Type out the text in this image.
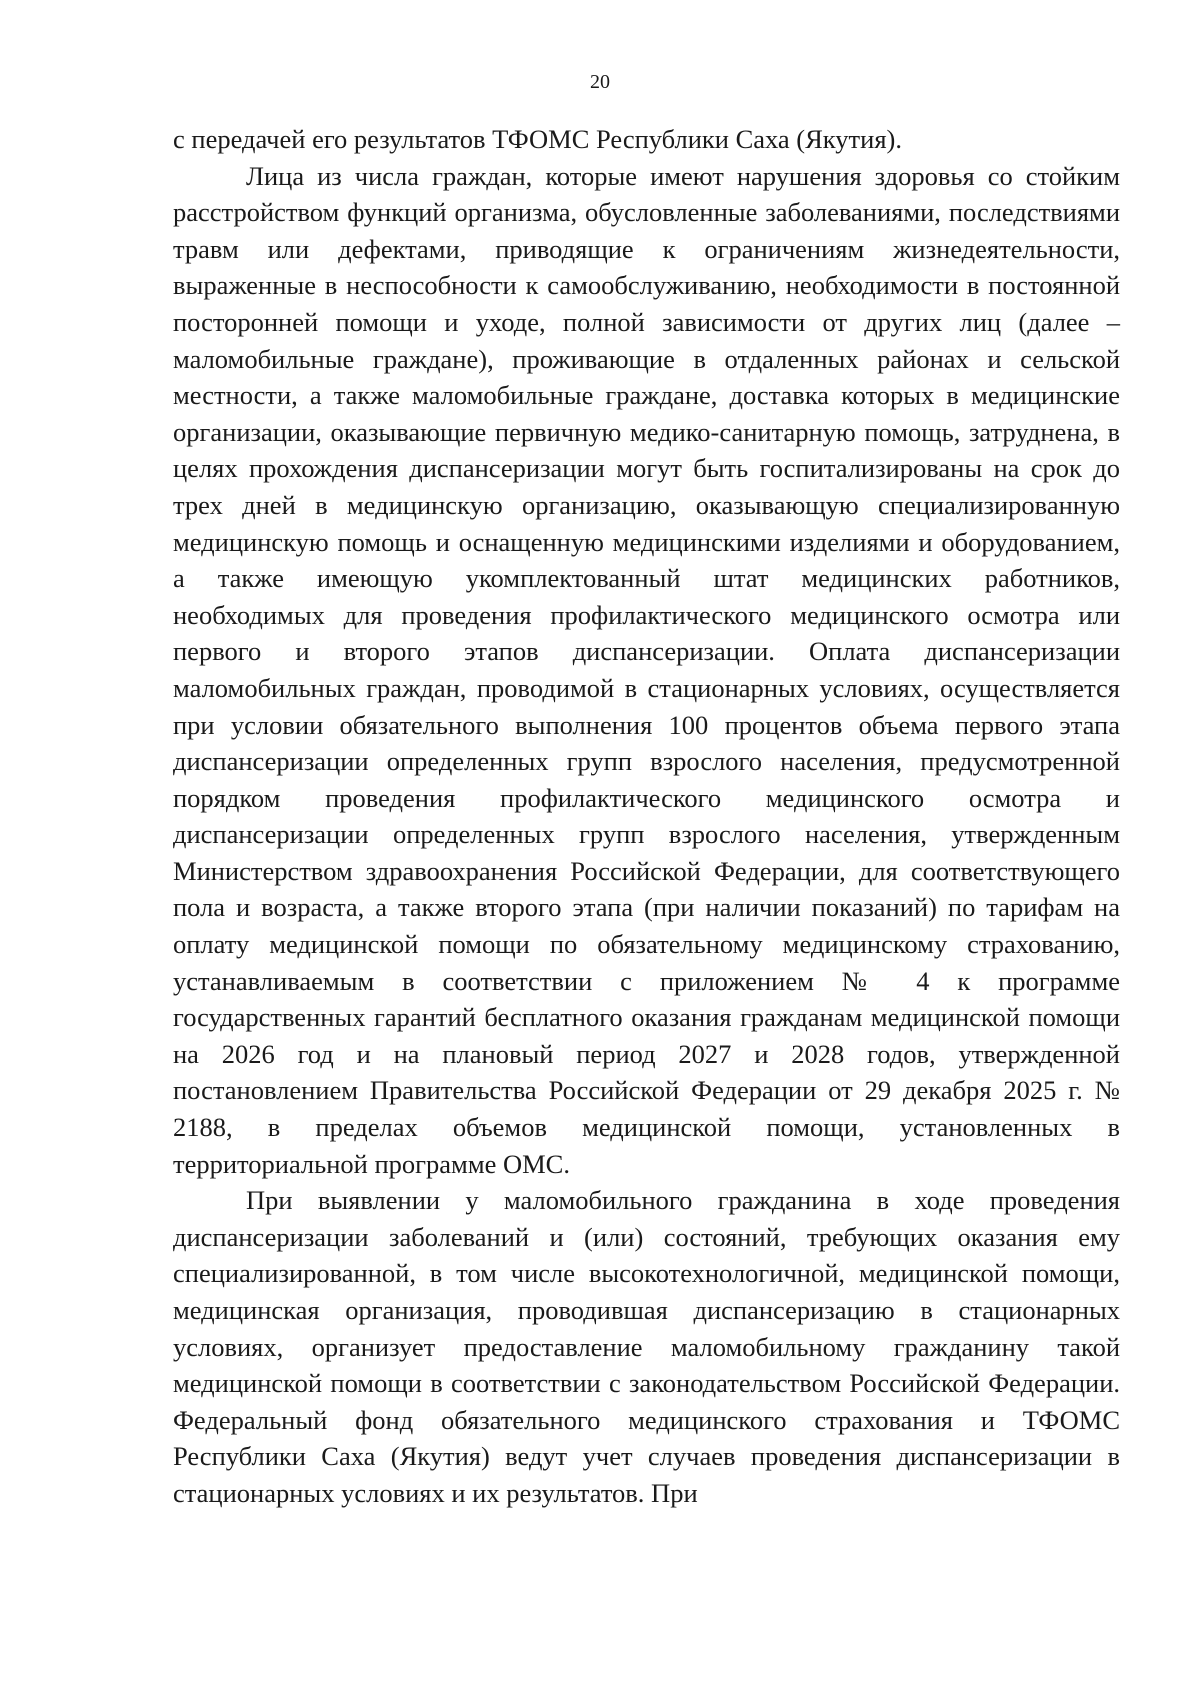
20

с передачей его результатов ТФОМС Республики Саха (Якутия).

Лица из числа граждан, которые имеют нарушения здоровья со стойким расстройством функций организма, обусловленные заболеваниями, последствиями травм или дефектами, приводящие к ограничениям жизнедеятельности, выраженные в неспособности к самообслуживанию, необходимости в постоянной посторонней помощи и уходе, полной зависимости от других лиц (далее – маломобильные граждане), проживающие в отдаленных районах и сельской местности, а также маломобильные граждане, доставка которых в медицинские организации, оказывающие первичную медико-санитарную помощь, затруднена, в целях прохождения диспансеризации могут быть госпитализированы на срок до трех дней в медицинскую организацию, оказывающую специализированную медицинскую помощь и оснащенную медицинскими изделиями и оборудованием, а также имеющую укомплектованный штат медицинских работников, необходимых для проведения профилактического медицинского осмотра или первого и второго этапов диспансеризации. Оплата диспансеризации маломобильных граждан, проводимой в стационарных условиях, осуществляется при условии обязательного выполнения 100 процентов объема первого этапа диспансеризации определенных групп взрослого населения, предусмотренной порядком проведения профилактического медицинского осмотра и диспансеризации определенных групп взрослого населения, утвержденным Министерством здравоохранения Российской Федерации, для соответствующего пола и возраста, а также второго этапа (при наличии показаний) по тарифам на оплату медицинской помощи по обязательному медицинскому страхованию, устанавливаемым в соответствии с приложением № 4 к программе государственных гарантий бесплатного оказания гражданам медицинской помощи на 2026 год и на плановый период 2027 и 2028 годов, утвержденной постановлением Правительства Российской Федерации от 29 декабря 2025 г. № 2188, в пределах объемов медицинской помощи, установленных в территориальной программе ОМС.

При выявлении у маломобильного гражданина в ходе проведения диспансеризации заболеваний и (или) состояний, требующих оказания ему специализированной, в том числе высокотехнологичной, медицинской помощи, медицинская организация, проводившая диспансеризацию в стационарных условиях, организует предоставление маломобильному гражданину такой медицинской помощи в соответствии с законодательством Российской Федерации. Федеральный фонд обязательного медицинского страхования и ТФОМС Республики Саха (Якутия) ведут учет случаев проведения диспансеризации в стационарных условиях и их результатов. При
